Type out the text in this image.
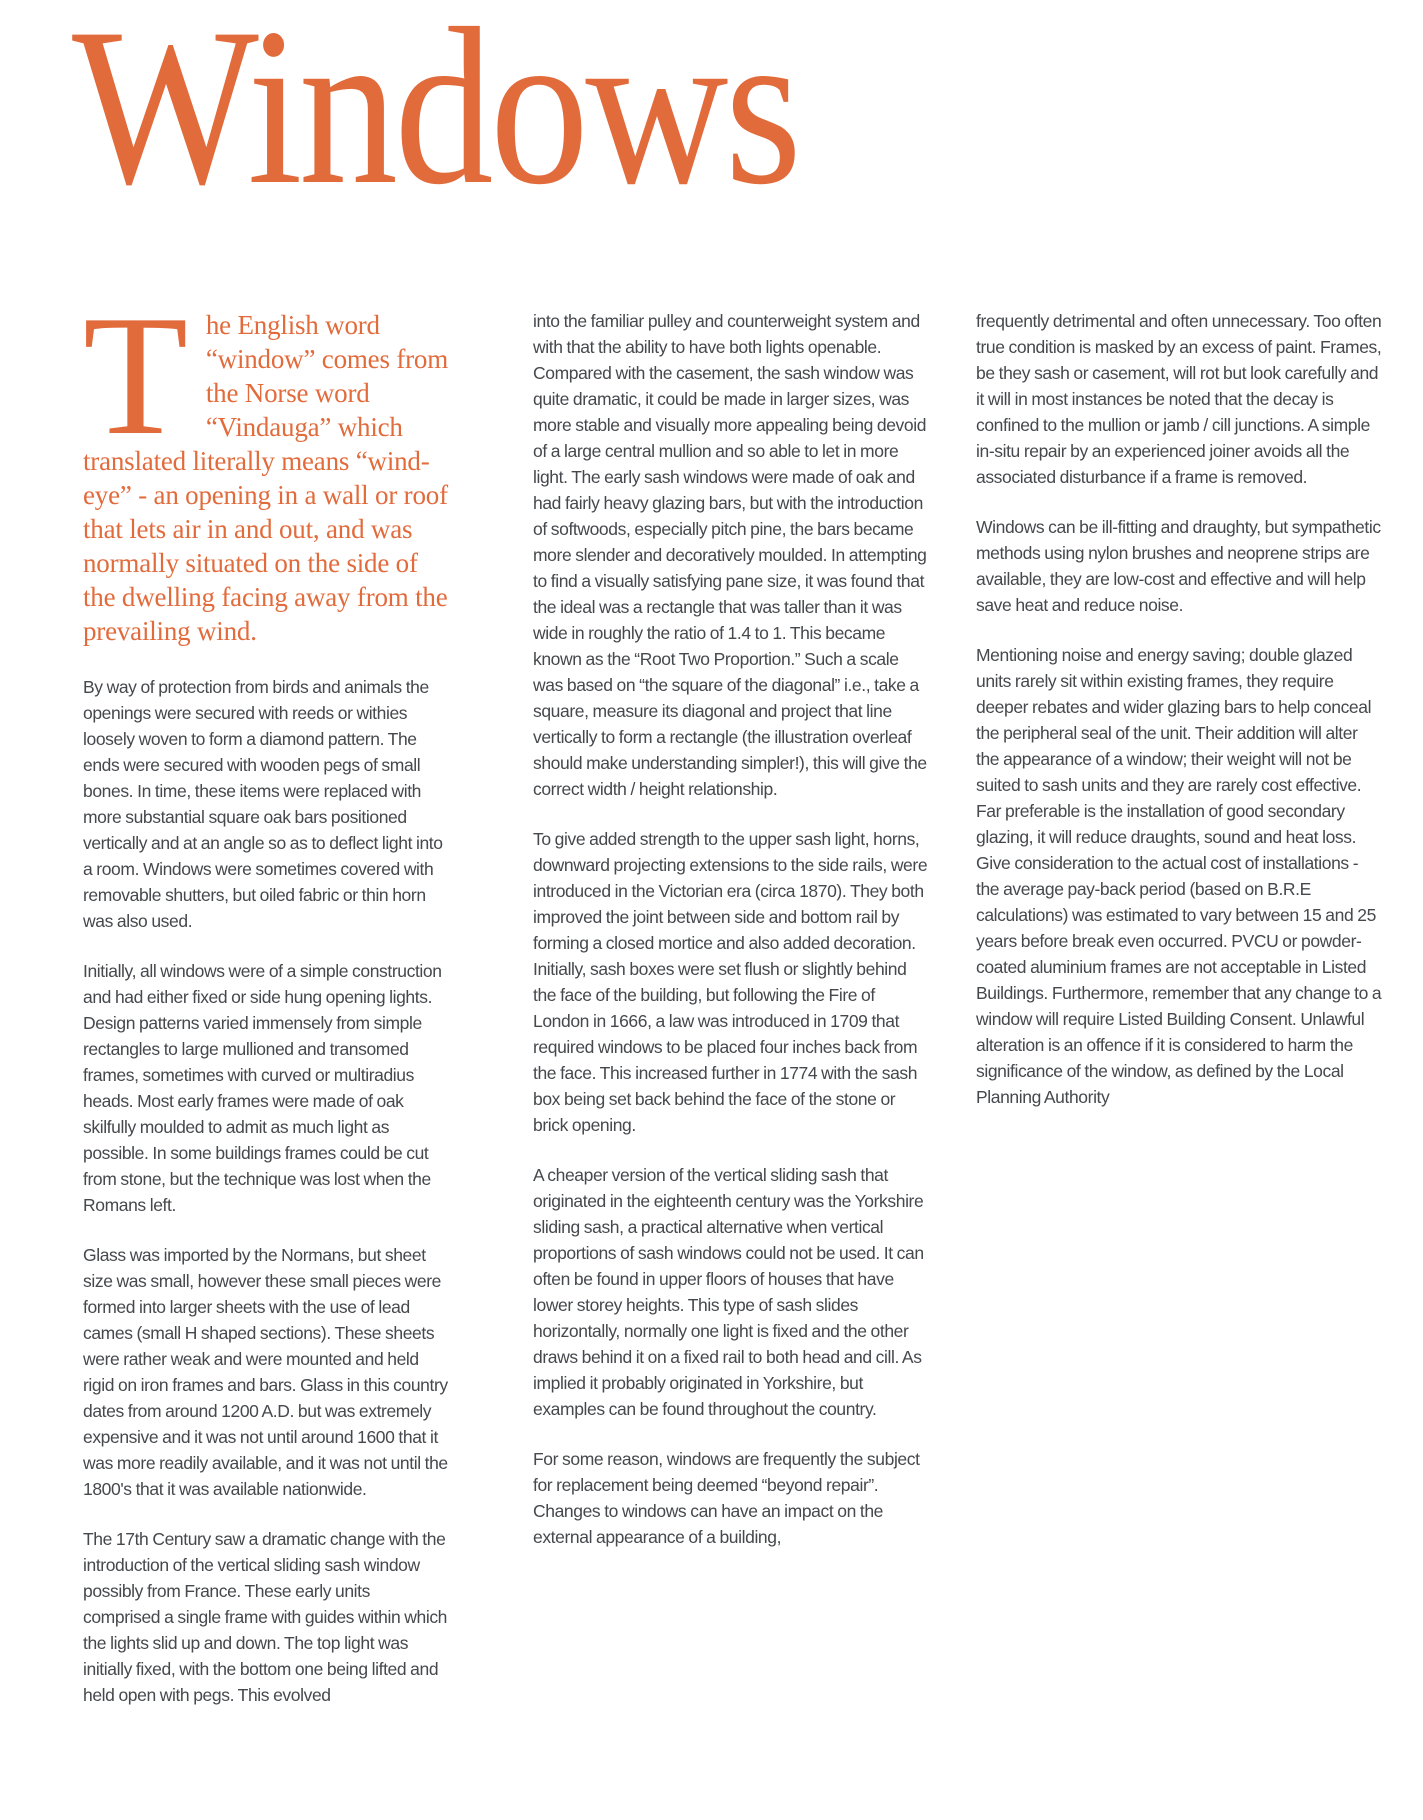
Windows

The English word “window” comes from the Norse word “Vindauga” which translated literally means “wind-eye” - an opening in a wall or roof that lets air in and out, and was normally situated on the side of the dwelling facing away from the prevailing wind.

By way of protection from birds and animals the openings were secured with reeds or withies loosely woven to form a diamond pattern. The ends were secured with wooden pegs of small bones. In time, these items were replaced with more substantial square oak bars positioned vertically and at an angle so as to deflect light into a room. Windows were sometimes covered with removable shutters, but oiled fabric or thin horn was also used.

Initially, all windows were of a simple construction and had either fixed or side hung opening lights. Design patterns varied immensely from simple rectangles to large mullioned and transomed frames, sometimes with curved or multiradius heads. Most early frames were made of oak skilfully moulded to admit as much light as possible. In some buildings frames could be cut from stone, but the technique was lost when the Romans left.

Glass was imported by the Normans, but sheet size was small, however these small pieces were formed into larger sheets with the use of lead cames (small H shaped sections). These sheets were rather weak and were mounted and held rigid on iron frames and bars. Glass in this country dates from around 1200 A.D. but was extremely expensive and it was not until around 1600 that it was more readily available, and it was not until the 1800's that it was available nationwide.

The 17th Century saw a dramatic change with the introduction of the vertical sliding sash window possibly from France. These early units comprised a single frame with guides within which the lights slid up and down. The top light was initially fixed, with the bottom one being lifted and held open with pegs. This evolved

into the familiar pulley and counterweight system and with that the ability to have both lights openable. Compared with the casement, the sash window was quite dramatic, it could be made in larger sizes, was more stable and visually more appealing being devoid of a large central mullion and so able to let in more light. The early sash windows were made of oak and had fairly heavy glazing bars, but with the introduction of softwoods, especially pitch pine, the bars became more slender and decoratively moulded. In attempting to find a visually satisfying pane size, it was found that the ideal was a rectangle that was taller than it was wide in roughly the ratio of 1.4 to 1. This became known as the “Root Two Proportion.” Such a scale was based on “the square of the diagonal” i.e., take a square, measure its diagonal and project that line vertically to form a rectangle (the illustration overleaf should make understanding simpler!), this will give the correct width / height relationship.

To give added strength to the upper sash light, horns, downward projecting extensions to the side rails, were introduced in the Victorian era (circa 1870). They both improved the joint between side and bottom rail by forming a closed mortice and also added decoration. Initially, sash boxes were set flush or slightly behind the face of the building, but following the Fire of London in 1666, a law was introduced in 1709 that required windows to be placed four inches back from the face. This increased further in 1774 with the sash box being set back behind the face of the stone or brick opening.

A cheaper version of the vertical sliding sash that originated in the eighteenth century was the Yorkshire sliding sash, a practical alternative when vertical proportions of sash windows could not be used. It can often be found in upper floors of houses that have lower storey heights. This type of sash slides horizontally, normally one light is fixed and the other draws behind it on a fixed rail to both head and cill. As implied it probably originated in Yorkshire, but examples can be found throughout the country.

For some reason, windows are frequently the subject for replacement being deemed “beyond repair”. Changes to windows can have an impact on the external appearance of a building,

frequently detrimental and often unnecessary. Too often true condition is masked by an excess of paint. Frames, be they sash or casement, will rot but look carefully and it will in most instances be noted that the decay is confined to the mullion or jamb / cill junctions. A simple in-situ repair by an experienced joiner avoids all the associated disturbance if a frame is removed.

Windows can be ill-fitting and draughty, but sympathetic methods using nylon brushes and neoprene strips are available, they are low-cost and effective and will help save heat and reduce noise.

Mentioning noise and energy saving; double glazed units rarely sit within existing frames, they require deeper rebates and wider glazing bars to help conceal the peripheral seal of the unit. Their addition will alter the appearance of a window; their weight will not be suited to sash units and they are rarely cost effective. Far preferable is the installation of good secondary glazing, it will reduce draughts, sound and heat loss. Give consideration to the actual cost of installations - the average pay-back period (based on B.R.E calculations) was estimated to vary between 15 and 25 years before break even occurred. PVCU or powder-coated aluminium frames are not acceptable in Listed Buildings. Furthermore, remember that any change to a window will require Listed Building Consent. Unlawful alteration is an offence if it is considered to harm the significance of the window, as defined by the Local Planning Authority
